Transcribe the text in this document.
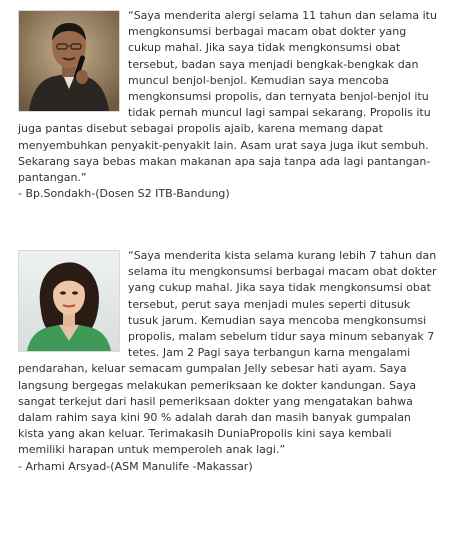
“Saya menderita alergi selama 11 tahun dan selama itu mengkonsumsi berbagai macam obat dokter yang cukup mahal. Jika saya tidak mengkonsumsi obat tersebut, badan saya menjadi bengkak-bengkak dan muncul benjol-benjol. Kemudian saya mencoba mengkonsumsi propolis, dan ternyata benjol-benjol itu tidak pernah muncul lagi sampai sekarang. Propolis itu juga pantas disebut sebagai propolis ajaib, karena memang dapat menyembuhkan penyakit-penyakit lain. Asam urat saya juga ikut sembuh. Sekarang saya bebas makan makanan apa saja tanpa ada lagi pantangan-pantangan.”

- Bp.Sondakh-(Dosen S2 ITB-Bandung)

“Saya menderita kista selama kurang lebih 7 tahun dan selama itu mengkonsumsi berbagai macam obat dokter yang cukup mahal. Jika saya tidak mengkonsumsi obat tersebut, perut saya menjadi mules seperti ditusuk tusuk jarum. Kemudian saya mencoba mengkonsumsi propolis, malam sebelum tidur saya minum sebanyak 7 tetes. Jam 2 Pagi saya terbangun karna mengalami pendarahan, keluar semacam gumpalan Jelly sebesar hati ayam. Saya langsung bergegas melakukan pemeriksaan ke dokter kandungan. Saya sangat terkejut dari hasil pemeriksaan dokter yang mengatakan bahwa dalam rahim saya kini 90 % adalah darah dan masih banyak gumpalan kista yang akan keluar. Terimakasih DuniaPropolis kini saya kembali memiliki harapan untuk memperoleh anak lagi.”

- Arhami Arsyad-(ASM Manulife -Makassar)
